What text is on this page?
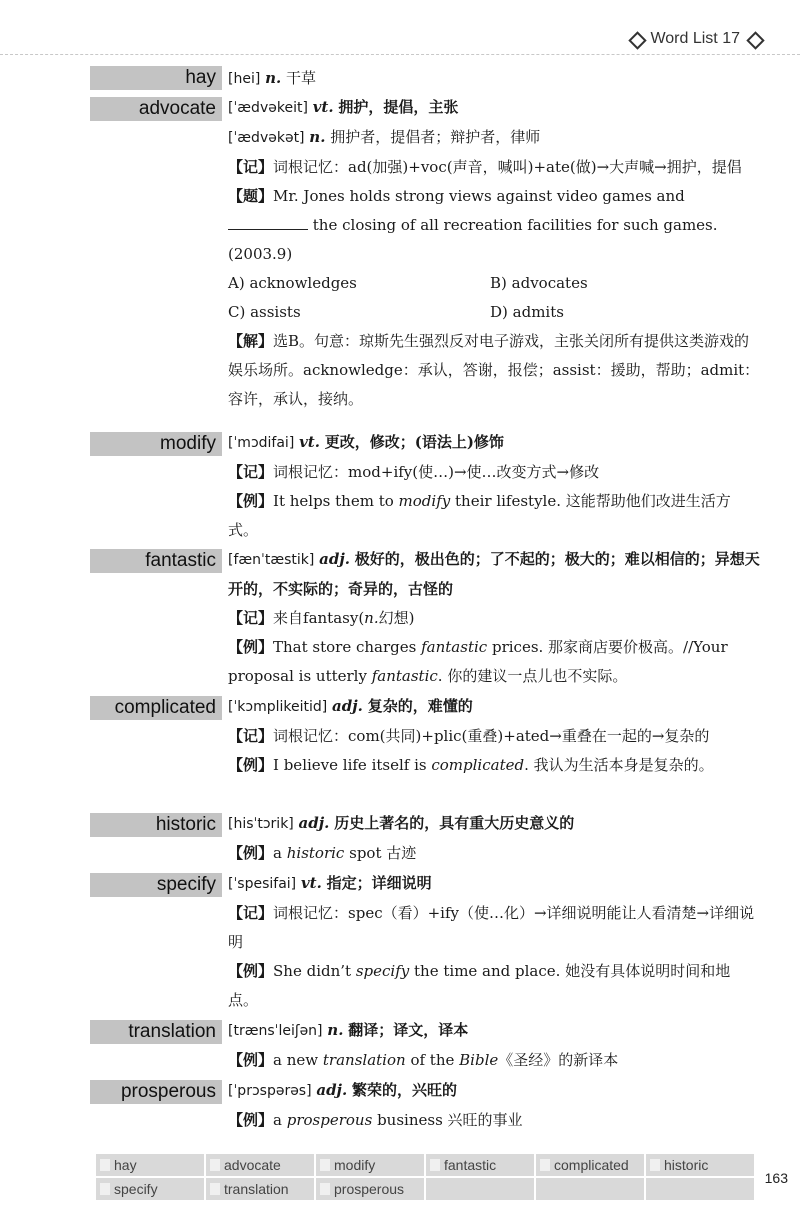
Word List 17
hay [hei] n. 干草
advocate [ˈædvəkeit] vt. 拥护，提倡，主张
[ˈædvəkət] n. 拥护者，提倡者；辩护者，律师
【记】词根记忆：ad(加强)+voc(声音，喊叫)+ate(做)→大声喊→拥护，提倡
【题】Mr. Jones holds strong views against video games and  the closing of all recreation facilities for such games. (2003.9)
A) acknowledges	B) advocates
C) assists	D) admits
【解】选B。句意：琼斯先生强烈反对电子游戏，主张关闭所有提供这类游戏的娱乐场所。acknowledge：承认，答谢，报偿；assist：援助，帮助；admit：容许，承认，接纳。
modify [ˈmɔdifai] vt. 更改，修改；(语法上)修饰
【记】词根记忆：mod+ify(使…)→使…改变方式→修改
【例】It helps them to modify their lifestyle. 这能帮助他们改进生活方式。
fantastic [fænˈtæstik] adj. 极好的，极出色的；了不起的；极大的；难以相信的；异想天开的，不实际的；奇异的，古怪的
【记】来自fantasy(n.幻想)
【例】That store charges fantastic prices. 那家商店要价极高。//Your proposal is utterly fantastic. 你的建议一点儿也不实际。
complicated [ˈkɔmplikeitid] adj. 复杂的，难懂的
【记】词根记忆：com(共同)+plic(重叠)+ated→重叠在一起的→复杂的
【例】I believe life itself is complicated. 我认为生活本身是复杂的。
historic [hisˈtɔrik] adj. 历史上著名的，具有重大历史意义的
【例】a historic spot 古迹
specify [ˈspesifai] vt. 指定；详细说明
【记】词根记忆：spec（看）+ify（使…化）→详细说明能让人看清楚→详细说明
【例】She didn’t specify the time and place. 她没有具体说明时间和地点。
translation [trænsˈleiʃən] n. 翻译；译文，译本
【例】a new translation of the Bible《圣经》的新译本
prosperous [ˈprɔspərəs] adj. 繁荣的，兴旺的
【例】a prosperous business 兴旺的事业
hay	advocate	modify	fantastic	complicated	historic
specify	translation	prosperous
163
